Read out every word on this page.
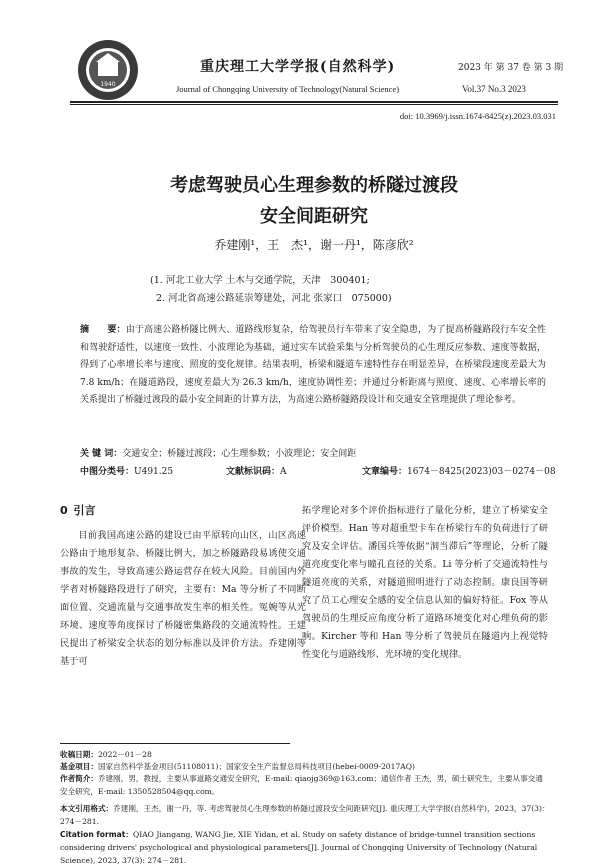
1940
重庆理工大学学报(自然科学)
Journal of Chongqing University of Technology(Natural Science)
2023 年 第 37 卷 第 3 期
Vol.37 No.3 2023
doi: 10.3969/j.issn.1674-8425(z).2023.03.031
考虑驾驶员心生理参数的桥隧过渡段
安全间距研究
乔建刚¹，王　杰¹，谢一丹¹，陈彦欣²
(1. 河北工业大学 土木与交通学院，天津　300401;
2. 河北省高速公路延崇筹建处，河北 张家口　075000)
摘　　要：由于高速公路桥隧比例大、道路线形复杂，给驾驶员行车带来了安全隐患，为了提高桥隧路段行车安全性和驾驶舒适性，以速度一致性、小波理论为基础，通过实车试验采集与分析驾驶员的心生理反应参数、速度等数据，得到了心率增长率与速度、照度的变化规律。结果表明，桥梁和隧道车速特性存在明显差异，在桥梁段速度差最大为 7.8 km/h；在隧道路段，速度差最大为 26.3 km/h，速度协调性差；并通过分析距离与照度、速度、心率增长率的关系提出了桥隧过渡段的最小安全间距的计算方法，为高速公路桥隧路段设计和交通安全管理提供了理论参考。
关 键 词：交通安全；桥隧过渡段；心生理参数；小波理论；安全间距
中图分类号：U491.25	文献标识码：A	文章编号：1674－8425(2023)03－0274－08
0 引言
目前我国高速公路的建设已由平原转向山区，山区高速公路由于地形复杂、桥隧比例大，加之桥隧路段易诱使交通事故的发生，导致高速公路运营存在较大风险。目前国内外学者对桥隧路段进行了研究，主要有：Ma 等分析了不同断面位置、交通流量与交通事故发生率的相关性。冤婉等从光环境、速度等角度探讨了桥隧密集路段的交通流特性。王建民提出了桥梁安全状态的划分标准以及评价方法。乔建刚等基于可
拓学理论对多个评价指标进行了量化分析，建立了桥梁安全评价模型。Han 等对超重型卡车在桥梁行车的负荷进行了研究及安全评估。潘国兵等依据“洞当滞后”等理论，分析了隧道亮度变化率与瞳孔直径的关系。Li 等分析了交通流特性与隧道亮度的关系，对隧道照明进行了动态控制。康良国等研究了员工心理安全感的安全信息认知的偏好特征。Fox 等从驾驶员的生理反应角度分析了道路环境变化对心理负荷的影响。Kircher 等和 Han 等分析了驾驶员在隧道内上视觉特性变化与道路线形、光环境的变化规律。
收稿日期：2022－01－28
基金项目：国家自然科学基金项目(51108011)；国家安全生产监督总局科技项目(hebei-0009-2017AQ)
作者简介：乔建刚，男，教授，主要从事道路交通安全研究，E-mail: qiaojg369@163.com；通信作者 王杰，男，硕士研究生，主要从事交通安全研究，E-mail: 1350528504@qq.com。
本文引用格式：乔建刚，王杰，谢一丹，等. 考虑驾驶员心生理参数的桥隧过渡段安全间距研究[J]. 重庆理工大学学报(自然科学)，2023，37(3)：274－281.
Citation format：QIAO Jiangang, WANG Jie, XIE Yidan, et al. Study on safety distance of bridge-tunnel transition sections considering drivers' psychological and physiological parameters[J]. Journal of Chongqing University of Technology (Natural Science), 2023, 37(3): 274－281.
